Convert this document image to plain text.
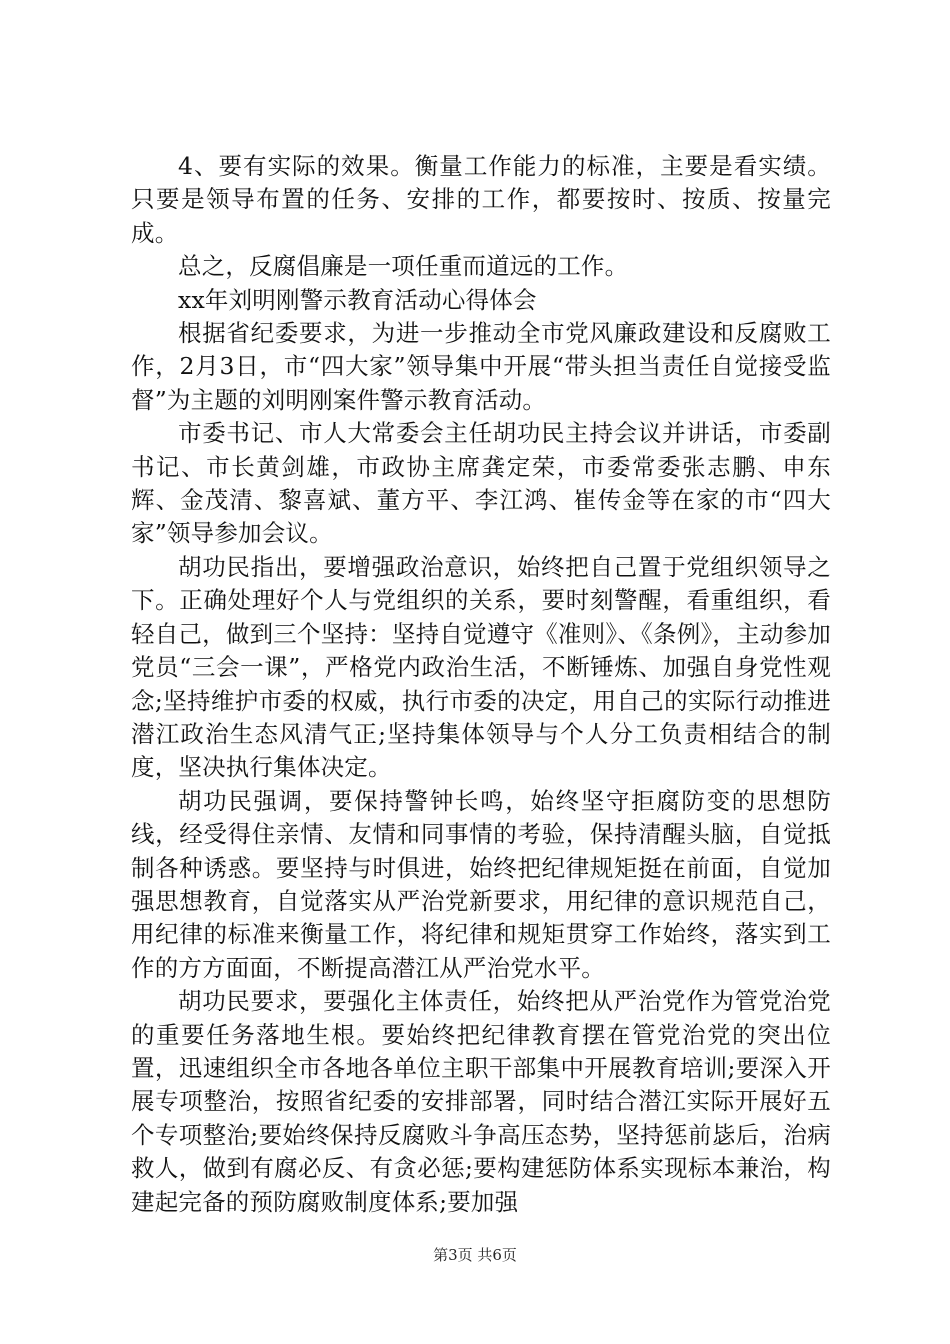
4、要有实际的效果。衡量工作能力的标准，主要是看实绩。只要是领导布置的任务、安排的工作，都要按时、按质、按量完成。

总之，反腐倡廉是一项任重而道远的工作。

xx年刘明刚警示教育活动心得体会

根据省纪委要求，为进一步推动全市党风廉政建设和反腐败工作，2月3日，市“四大家”领导集中开展“带头担当责任自觉接受监督”为主题的刘明刚案件警示教育活动。

市委书记、市人大常委会主任胡功民主持会议并讲话，市委副书记、市长黄剑雄，市政协主席龚定荣，市委常委张志鹏、申东辉、金茂清、黎喜斌、董方平、李江鸿、崔传金等在家的市“四大家”领导参加会议。

胡功民指出，要增强政治意识，始终把自己置于党组织领导之下。正确处理好个人与党组织的关系，要时刻警醒，看重组织，看轻自己，做到三个坚持：坚持自觉遵守《准则》、《条例》，主动参加党员“三会一课”，严格党内政治生活，不断锤炼、加强自身党性观念;坚持维护市委的权威，执行市委的决定，用自己的实际行动推进潜江政治生态风清气正;坚持集体领导与个人分工负责相结合的制度，坚决执行集体决定。

胡功民强调，要保持警钟长鸣，始终坚守拒腐防变的思想防线，经受得住亲情、友情和同事情的考验，保持清醒头脑，自觉抵制各种诱惑。要坚持与时俱进，始终把纪律规矩挺在前面，自觉加强思想教育，自觉落实从严治党新要求，用纪律的意识规范自己，用纪律的标准来衡量工作，将纪律和规矩贯穿工作始终，落实到工作的方方面面，不断提高潜江从严治党水平。

胡功民要求，要强化主体责任，始终把从严治党作为管党治党的重要任务落地生根。要始终把纪律教育摆在管党治党的突出位置，迅速组织全市各地各单位主职干部集中开展教育培训;要深入开展专项整治，按照省纪委的安排部署，同时结合潜江实际开展好五个专项整治;要始终保持反腐败斗争高压态势，坚持惩前毖后，治病救人，做到有腐必反、有贪必惩;要构建惩防体系实现标本兼治，构建起完备的预防腐败制度体系;要加强

第3页 共6页
